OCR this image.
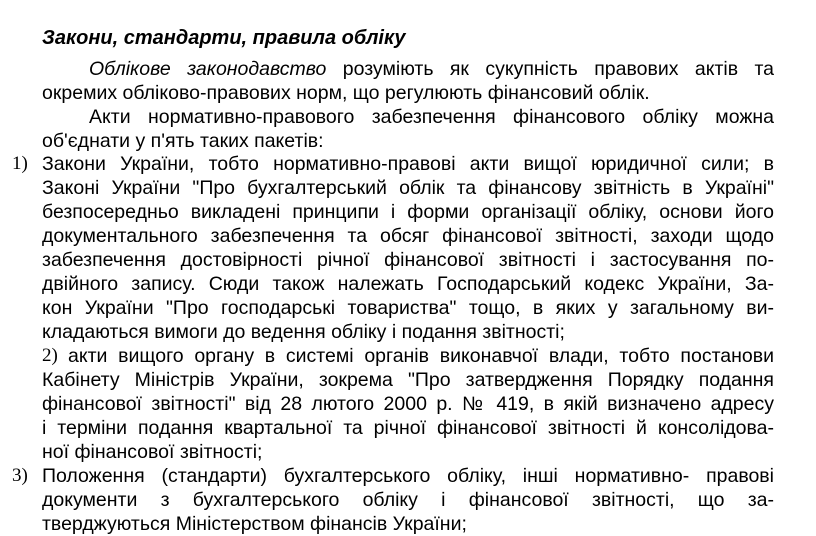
Закони, стандарти, правила обліку
Облікове законодавство розуміють як сукупність правових актів та
окремих обліково-правових норм, що регулюють фінансовий облік.
Акти нормативно-правового забезпечення фінансового обліку можна
об'єднати у п'ять таких пакетів:
1) Закони України, тобто нормативно-правові акти вищої юридичної сили; в
Законі України "Про бухгалтерський облік та фінансову звітність в Україні"
безпосередньо викладені принципи і форми організації обліку, основи його
документального забезпечення та обсяг фінансової звітності, заходи щодо
забезпечення достовірності річної фінансової звітності і застосування по-
двійного запису. Сюди також належать Господарський кодекс України, За-
кон України "Про господарські товариства" тощо, в яких у загальному ви-
кладаються вимоги до ведення обліку і подання звітності;
2) акти вищого органу в системі органів виконавчої влади, тобто постанови
Кабінету Міністрів України, зокрема "Про затвердження Порядку подання
фінансової звітності" від 28 лютого 2000 р. № 419, в якій визначено адресу
і терміни подання квартальної та річної фінансової звітності й консолідова-
ної фінансової звітності;
3) Положення (стандарти) бухгалтерського обліку, інші нормативно- правові
документи з бухгалтерського обліку і фінансової звітності, що за-
тверджуються Міністерством фінансів України;
